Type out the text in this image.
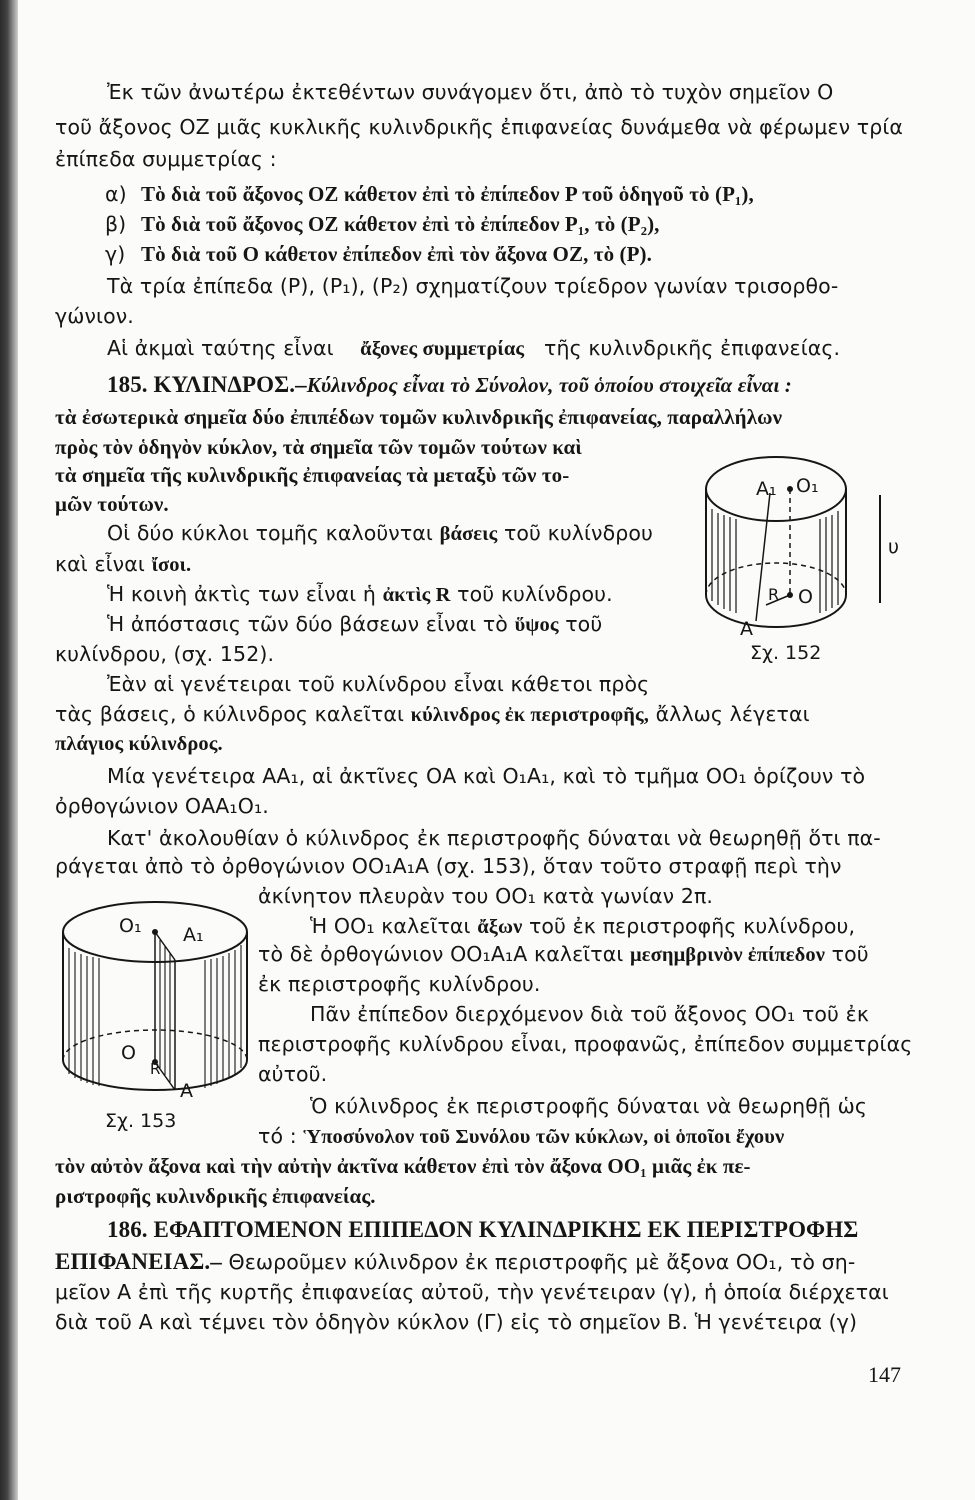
Ἐκ τῶν ἀνωτέρω ἐκτεθέντων συνάγομεν ὅτι, ἀπὸ τὸ τυχὸν σημεῖον Ο
τοῦ ἄξονος ΟΖ μιᾶς κυκλικῆς κυλινδρικῆς ἐπιφανείας δυνάμεθα νὰ φέρωμεν τρία
ἐπίπεδα συμμετρίας :
α) Τὸ διὰ τοῦ ἄξονος ΟΖ κάθετον ἐπὶ τὸ ἐπίπεδον Ρ τοῦ ὁδηγοῦ τὸ (Ρ₁),
β) Τὸ διὰ τοῦ ἄξονος ΟΖ κάθετον ἐπὶ τὸ ἐπίπεδον Ρ₁, τὸ (Ρ₂),
γ) Τὸ διὰ τοῦ Ο κάθετον ἐπίπεδον ἐπὶ τὸν ἄξονα ΟΖ, τὸ (Ρ).
Τὰ τρία ἐπίπεδα (Ρ), (Ρ₁), (Ρ₂) σχηματίζουν τρίεδρον γωνίαν τρισορθο-
γώνιον.
Αἱ ἀκμαὶ ταύτης εἶναι ἄξονες συμμετρίας τῆς κυλινδρικῆς ἐπιφανείας.
185. ΚΥΛΙΝΔΡΟΣ.–Κύλινδρος εἶναι τὸ Σύνολον, τοῦ ὁποίου στοιχεῖα εἶναι :
τὰ ἐσωτερικὰ σημεῖα δύο ἐπιπέδων τομῶν κυλινδρικῆς ἐπιφανείας, παραλλήλων
πρὸς τὸν ὁδηγὸν κύκλον, τὰ σημεῖα τῶν τομῶν τούτων καὶ
τὰ σημεῖα τῆς κυλινδρικῆς ἐπιφανείας τὰ μεταξὺ τῶν το-
μῶν τούτων.
Οἱ δύο κύκλοι τομῆς καλοῦνται βάσεις τοῦ κυλίνδρου
καὶ εἶναι ἴσοι.
Ἡ κοινὴ ἀκτὶς των εἶναι ἡ ἀκτὶς R τοῦ κυλίνδρου.
Ἡ ἀπόστασις τῶν δύο βάσεων εἶναι τὸ ὕψος τοῦ
κυλίνδρου, (σχ. 152).
Ἐὰν αἱ γενέτειραι τοῦ κυλίνδρου εἶναι κάθετοι πρὸς
τὰς βάσεις, ὁ κύλινδρος καλεῖται κύλινδρος ἐκ περιστροφῆς, ἄλλως λέγεται
πλάγιος κύλινδρος.
Μία γενέτειρα ΑΑ₁, αἱ ἀκτῖνες ΟΑ καὶ Ο₁Α₁, καὶ τὸ τμῆμα ΟΟ₁ ὁρίζουν τὸ
ὀρθογώνιον ΟΑΑ₁Ο₁.
Κατ' ἀκολουθίαν ὁ κύλινδρος ἐκ περιστροφῆς δύναται νὰ θεωρηθῇ ὅτι πα-
ράγεται ἀπὸ τὸ ὀρθογώνιον ΟΟ₁Α₁Α (σχ. 153), ὅταν τοῦτο στραφῇ περὶ τὴν
ἀκίνητον πλευρὰν του ΟΟ₁ κατὰ γωνίαν 2π.
Ἡ ΟΟ₁ καλεῖται ἄξων τοῦ ἐκ περιστροφῆς κυλίνδρου,
τὸ δὲ ὀρθογώνιον ΟΟ₁Α₁Α καλεῖται μεσημβρινὸν ἐπίπεδον τοῦ
ἐκ περιστροφῆς κυλίνδρου.
Πᾶν ἐπίπεδον διερχόμενον διὰ τοῦ ἄξονος ΟΟ₁ τοῦ ἐκ
περιστροφῆς κυλίνδρου εἶναι, προφανῶς, ἐπίπεδον συμμετρίας
αὐτοῦ.
Ὁ κύλινδρος ἐκ περιστροφῆς δύναται νὰ θεωρηθῇ ὡς
τό : Ὑποσύνολον τοῦ Συνόλου τῶν κύκλων, οἱ ὁποῖοι ἔχουν
τὸν αὐτὸν ἄξονα καὶ τὴν αὐτὴν ἀκτῖνα κάθετον ἐπὶ τὸν ἄξονα ΟΟ₁ μιᾶς ἐκ πε-
ριστροφῆς κυλινδρικῆς ἐπιφανείας.
186. ΕΦΑΠΤΟΜΕΝΟΝ ΕΠΙΠΕΔΟΝ ΚΥΛΙΝΔΡΙΚΗΣ ΕΚ ΠΕΡΙΣΤΡΟΦΗΣ
ΕΠΙΦΑΝΕΙΑΣ.– Θεωροῦμεν κύλινδρον ἐκ περιστροφῆς μὲ ἄξονα ΟΟ₁, τὸ ση-
μεῖον Α ἐπὶ τῆς κυρτῆς ἐπιφανείας αὐτοῦ, τὴν γενέτειραν (γ), ἡ ὁποία διέρχεται
διὰ τοῦ Α καὶ τέμνει τὸν ὁδηγὸν κύκλον (Γ) εἰς τὸ σημεῖον Β. Ἡ γενέτειρα (γ)
147
A₁ O₁
R O
A
υ
Σχ. 152
O₁ A₁
O
R
A
Σχ. 153
